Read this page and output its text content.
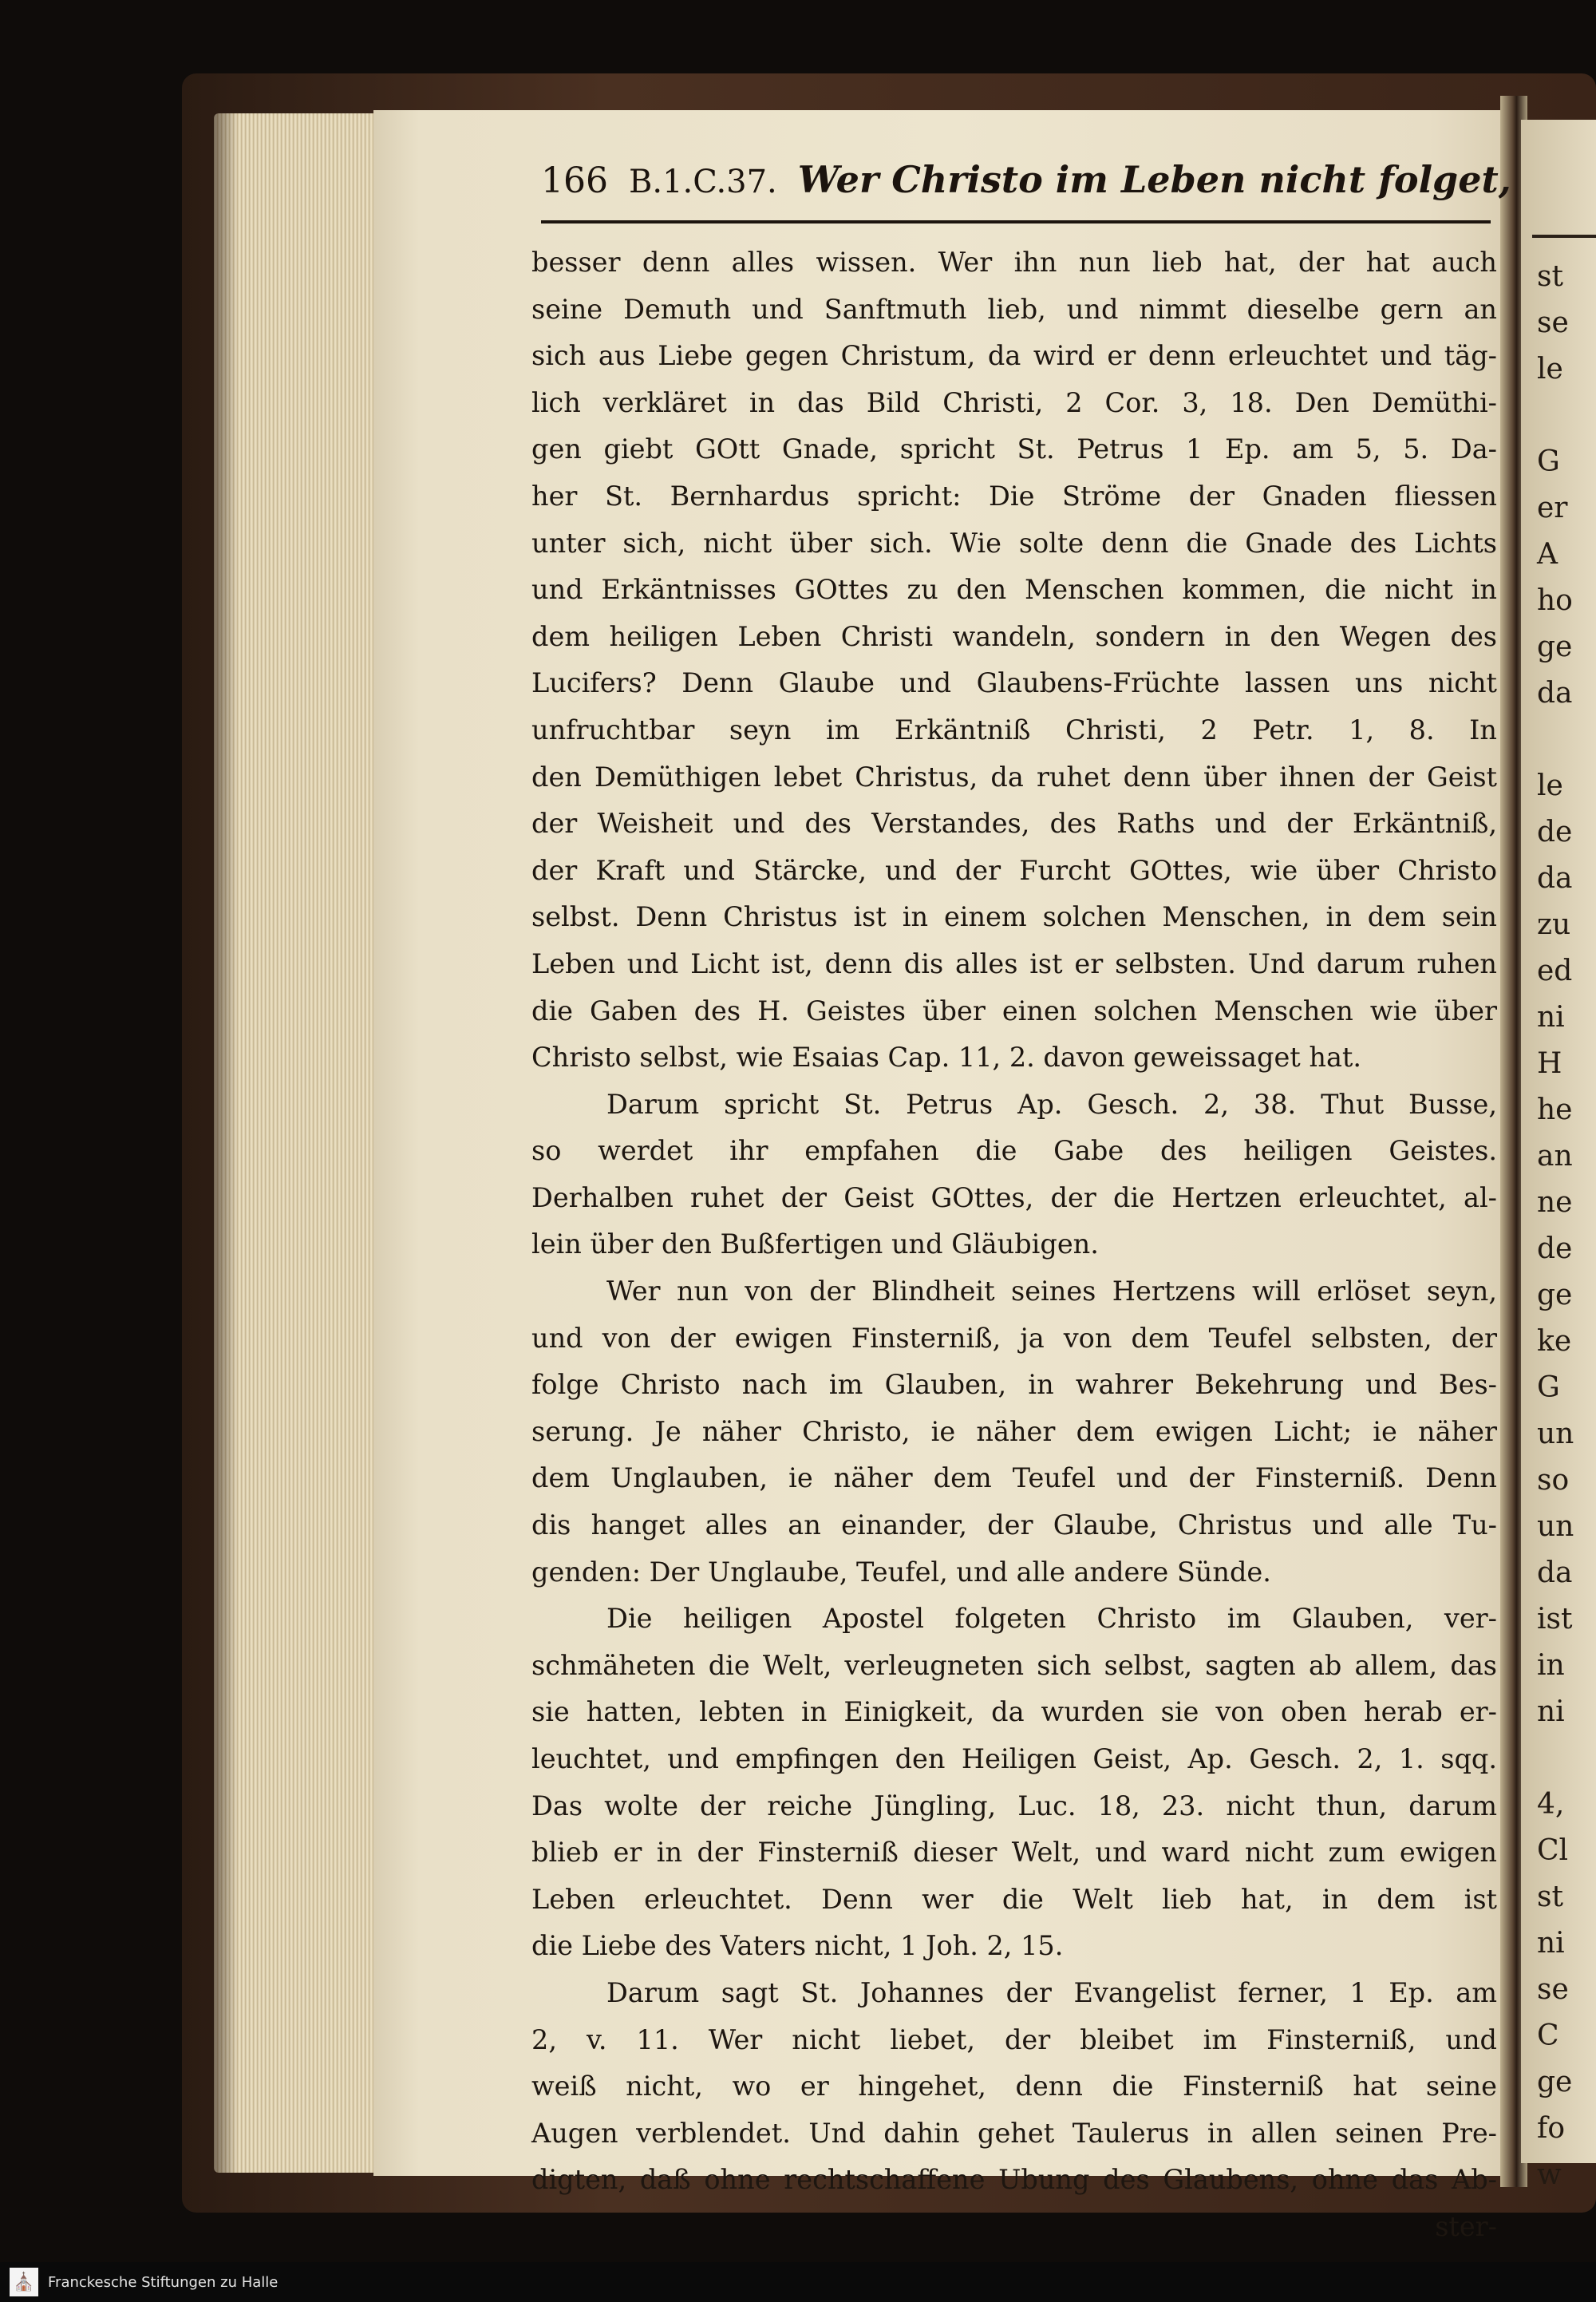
st
se
le
G
er
A
ho
ge
da
le
de
da
zu
ed
ni
H
he
an
ne
de
ge
ke
G
un
so
un
da
ist
in
ni
4,
Cl
st
ni
se
C
ge
fo
w
166 B.1.C.37. Wer Christo im Leben nicht folget,
besser denn alles wissen. Wer ihn nun lieb hat, der hat auch
seine Demuth und Sanftmuth lieb, und nimmt dieselbe gern an
sich aus Liebe gegen Christum, da wird er denn erleuchtet und täg-
lich verkläret in das Bild Christi, 2 Cor. 3, 18. Den Demüthi-
gen giebt GOtt Gnade, spricht St. Petrus 1 Ep. am 5, 5. Da-
her St. Bernhardus spricht: Die Ströme der Gnaden fliessen
unter sich, nicht über sich. Wie solte denn die Gnade des Lichts
und Erkäntnisses GOttes zu den Menschen kommen, die nicht in
dem heiligen Leben Christi wandeln, sondern in den Wegen des
Lucifers? Denn Glaube und Glaubens-Früchte lassen uns nicht
unfruchtbar seyn im Erkäntniß Christi, 2 Petr. 1, 8. In
den Demüthigen lebet Christus, da ruhet denn über ihnen der Geist
der Weisheit und des Verstandes, des Raths und der Erkäntniß,
der Kraft und Stärcke, und der Furcht GOttes, wie über Christo
selbst. Denn Christus ist in einem solchen Menschen, in dem sein
Leben und Licht ist, denn dis alles ist er selbsten. Und darum ruhen
die Gaben des H. Geistes über einen solchen Menschen wie über
Christo selbst, wie Esaias Cap. 11, 2. davon geweissaget hat.
Darum spricht St. Petrus Ap. Gesch. 2, 38. Thut Busse,
so werdet ihr empfahen die Gabe des heiligen Geistes.
Derhalben ruhet der Geist GOttes, der die Hertzen erleuchtet, al-
lein über den Bußfertigen und Gläubigen.
Wer nun von der Blindheit seines Hertzens will erlöset seyn,
und von der ewigen Finsterniß, ja von dem Teufel selbsten, der
folge Christo nach im Glauben, in wahrer Bekehrung und Bes-
serung. Je näher Christo, ie näher dem ewigen Licht; ie näher
dem Unglauben, ie näher dem Teufel und der Finsterniß. Denn
dis hanget alles an einander, der Glaube, Christus und alle Tu-
genden: Der Unglaube, Teufel, und alle andere Sünde.
Die heiligen Apostel folgeten Christo im Glauben, ver-
schmäheten die Welt, verleugneten sich selbst, sagten ab allem, das
sie hatten, lebten in Einigkeit, da wurden sie von oben herab er-
leuchtet, und empfingen den Heiligen Geist, Ap. Gesch. 2, 1. sqq.
Das wolte der reiche Jüngling, Luc. 18, 23. nicht thun, darum
blieb er in der Finsterniß dieser Welt, und ward nicht zum ewigen
Leben erleuchtet. Denn wer die Welt lieb hat, in dem ist
die Liebe des Vaters nicht, 1 Joh. 2, 15.
Darum sagt St. Johannes der Evangelist ferner, 1 Ep. am
2, v. 11. Wer nicht liebet, der bleibet im Finsterniß, und
weiß nicht, wo er hingehet, denn die Finsterniß hat seine
Augen verblendet. Und dahin gehet Taulerus in allen seinen Pre-
digten, daß ohne rechtschaffene Ubung des Glaubens, ohne das Ab-
ster-
⛪ Franckesche Stiftungen zu Halle
